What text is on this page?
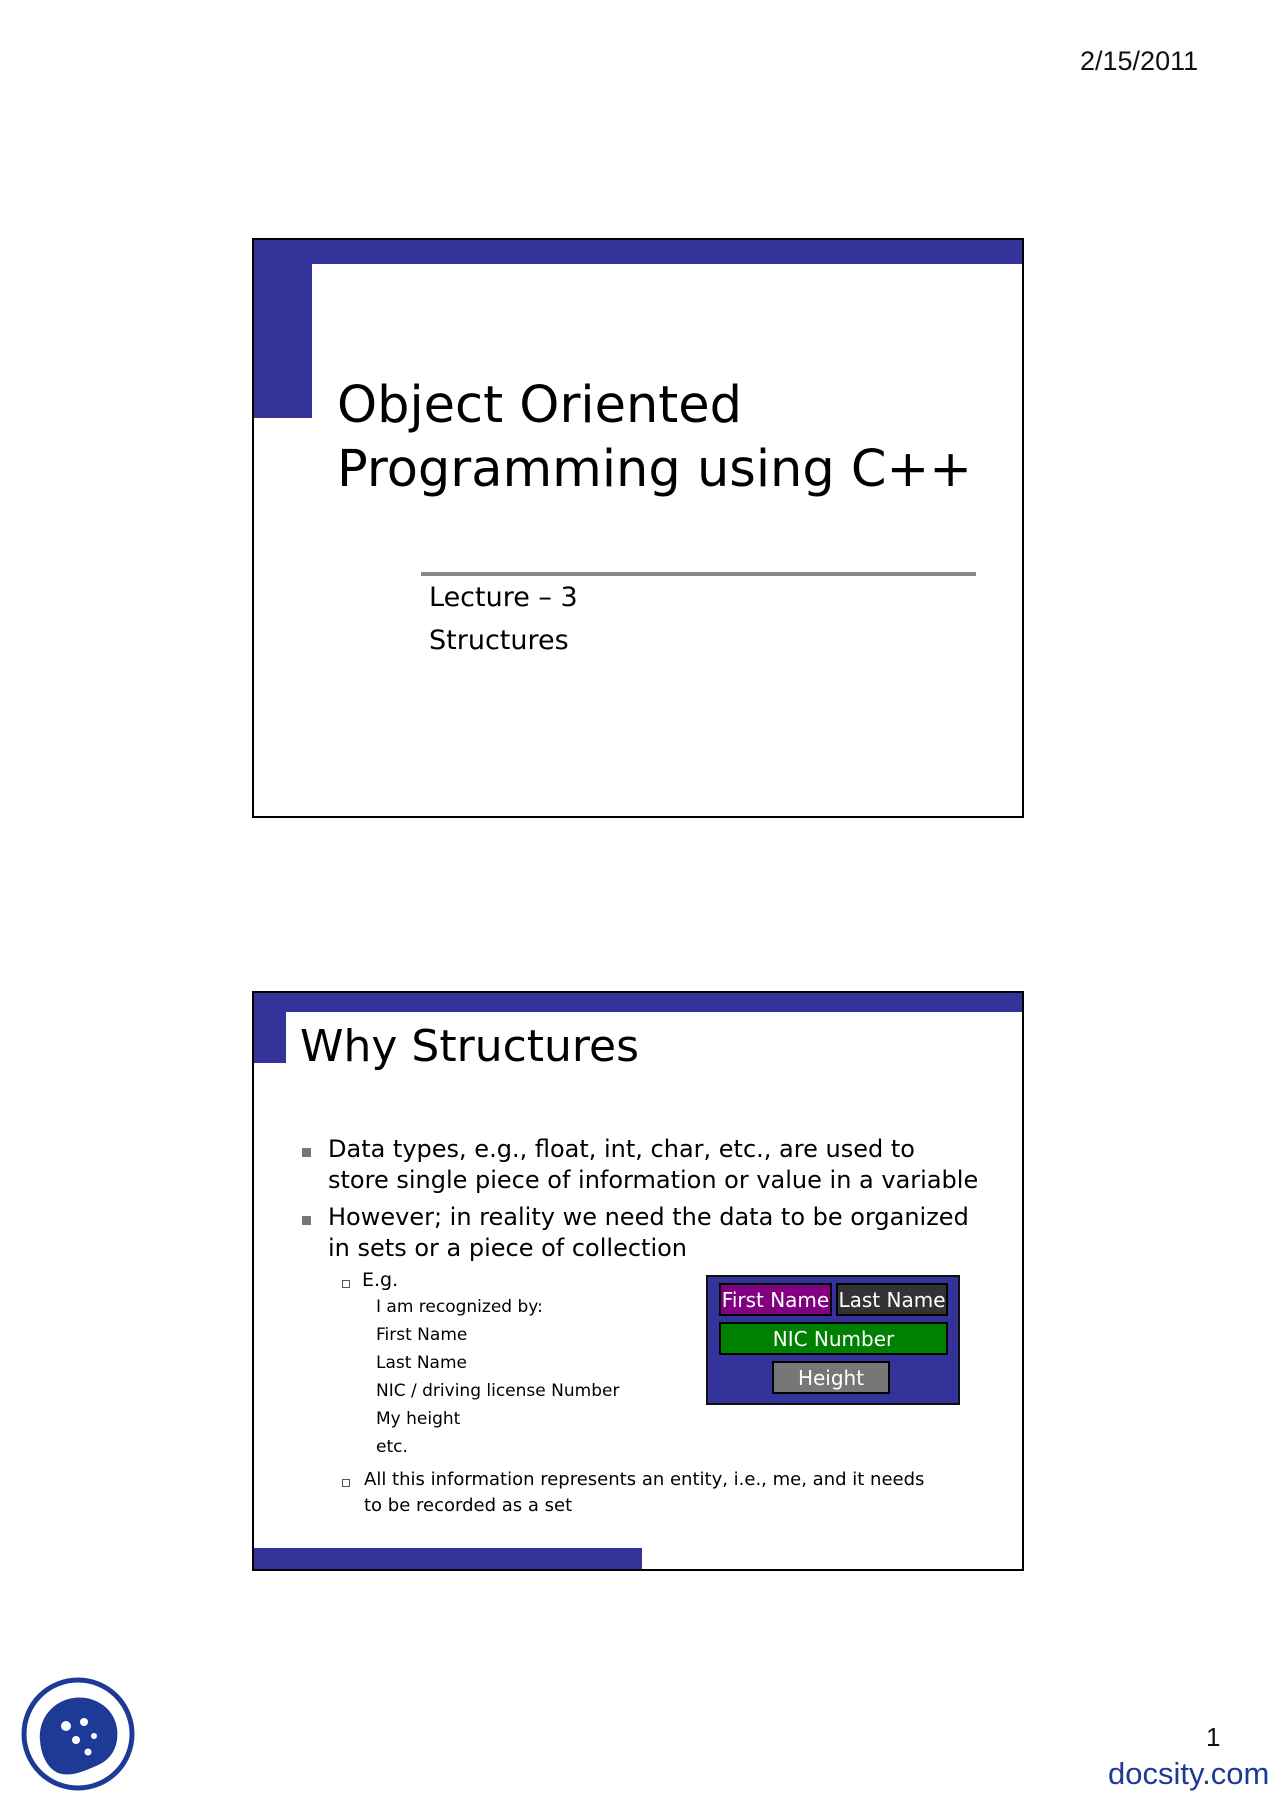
2/15/2011
Object Oriented
Programming using C++
Lecture – 3
Structures
Why Structures
Data types, e.g., float, int, char, etc., are used to
store single piece of information or value in a variable
However; in reality we need the data to be organized
in sets or a piece of collection
E.g.
I am recognized by:
First Name
Last Name
NIC / driving license Number
My height
etc.
All this information represents an entity, i.e., me, and it needs
to be recorded as a set
First Name Last Name
NIC Number
Height
1
docsity.com
